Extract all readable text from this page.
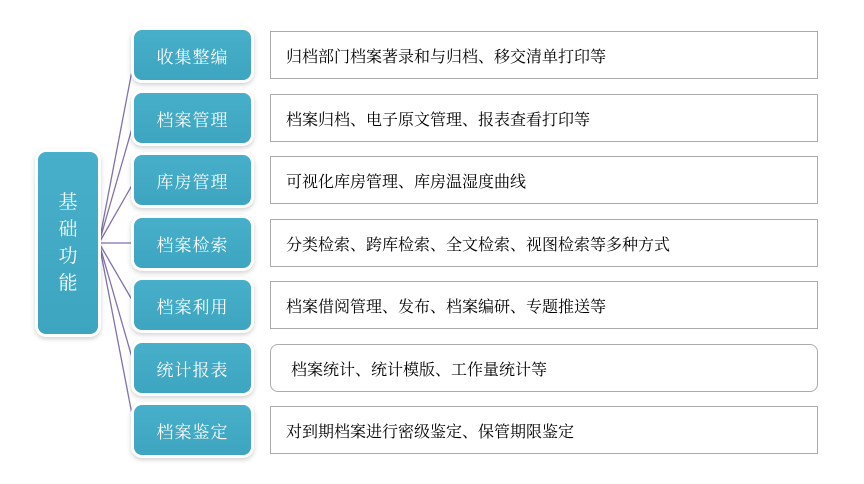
基础功能
收集整编
档案管理
库房管理
档案检索
档案利用
统计报表
档案鉴定
归档部门档案著录和与归档、移交清单打印等
档案归档、电子原文管理、报表查看打印等
可视化库房管理、库房温湿度曲线
分类检索、跨库检索、全文检索、视图检索等多种方式
档案借阅管理、发布、档案编研、专题推送等
档案统计、统计模版、工作量统计等
对到期档案进行密级鉴定、保管期限鉴定
